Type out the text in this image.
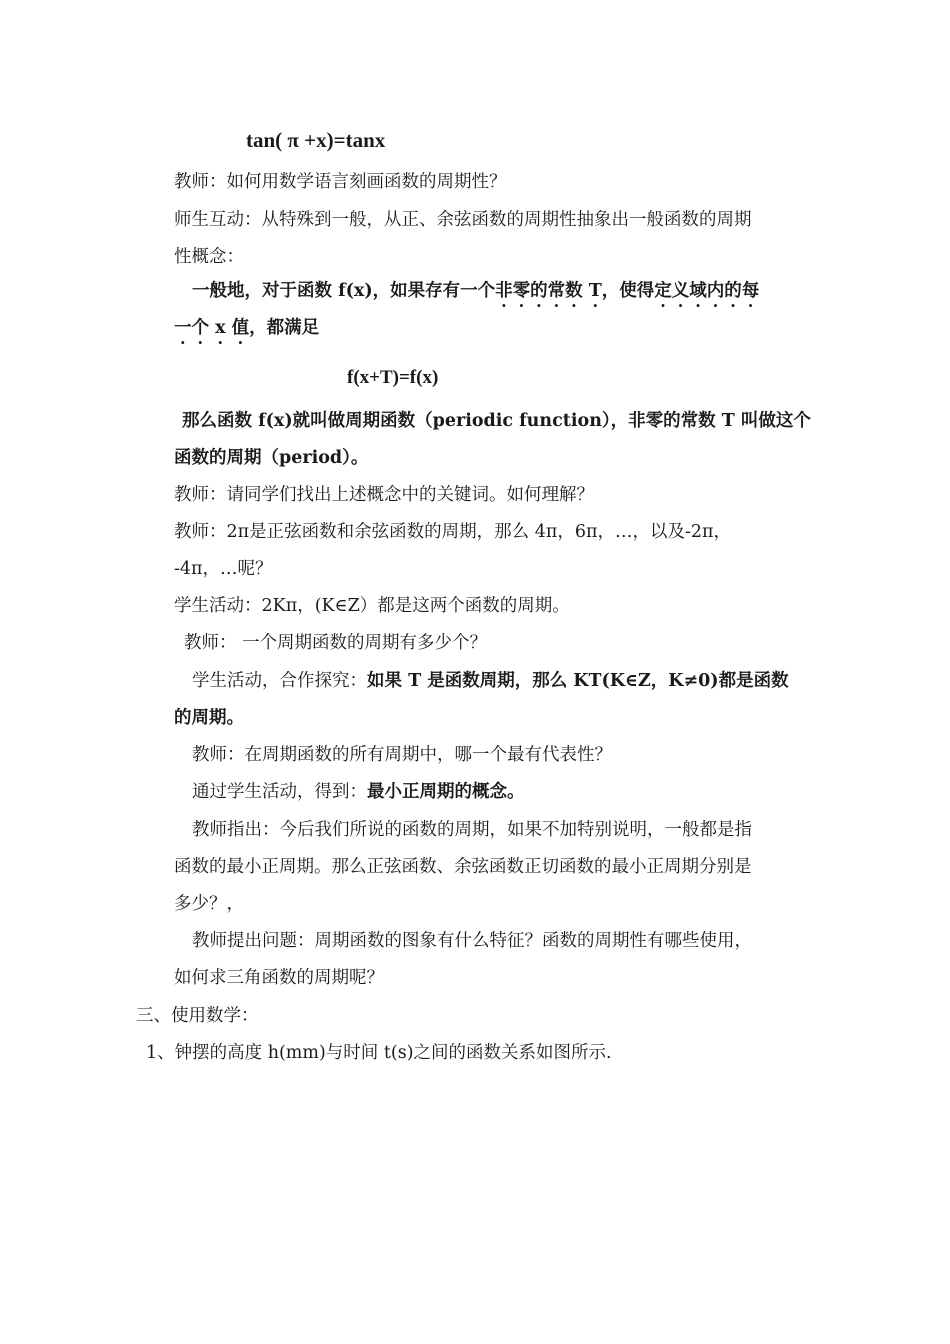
tan( π +x)=tanx
教师：如何用数学语言刻画函数的周期性？
师生互动：从特殊到一般，从正、余弦函数的周期性抽象出一般函数的周期
性概念：
一般地，对于函数 f(x)，如果存有一个非零的常数 T ·，使得定义域内的每
一个 x · 值，都满足
f(x+T)=f(x)
那么函数 f(x)就叫做周期函数（periodic function），非零的常数 T 叫做这个
函数的周期（period）。
教师：请同学们找出上述概念中的关键词。如何理解？
教师：2π是正弦函数和余弦函数的周期，那么 4π，6π，…，以及-2π，
-4π，…呢？
学生活动：2Kπ，(K∈Z）都是这两个函数的周期。
教师： 一个周期函数的周期有多少个？
学生活动，合作探究：如果 T 是函数周期，那么 KT(K∈Z，K≠0)都是函数
的周期。
教师：在周期函数的所有周期中，哪一个最有代表性？
通过学生活动，得到：最小正周期的概念。
教师指出：今后我们所说的函数的周期，如果不加特别说明，一般都是指
函数的最小正周期。那么正弦函数、余弦函数正切函数的最小正周期分别是
多少？，
教师提出问题：周期函数的图象有什么特征？函数的周期性有哪些使用，
如何求三角函数的周期呢？
三、使用数学：
1、钟摆的高度 h(mm)与时间 t(s)之间的函数关系如图所示.
